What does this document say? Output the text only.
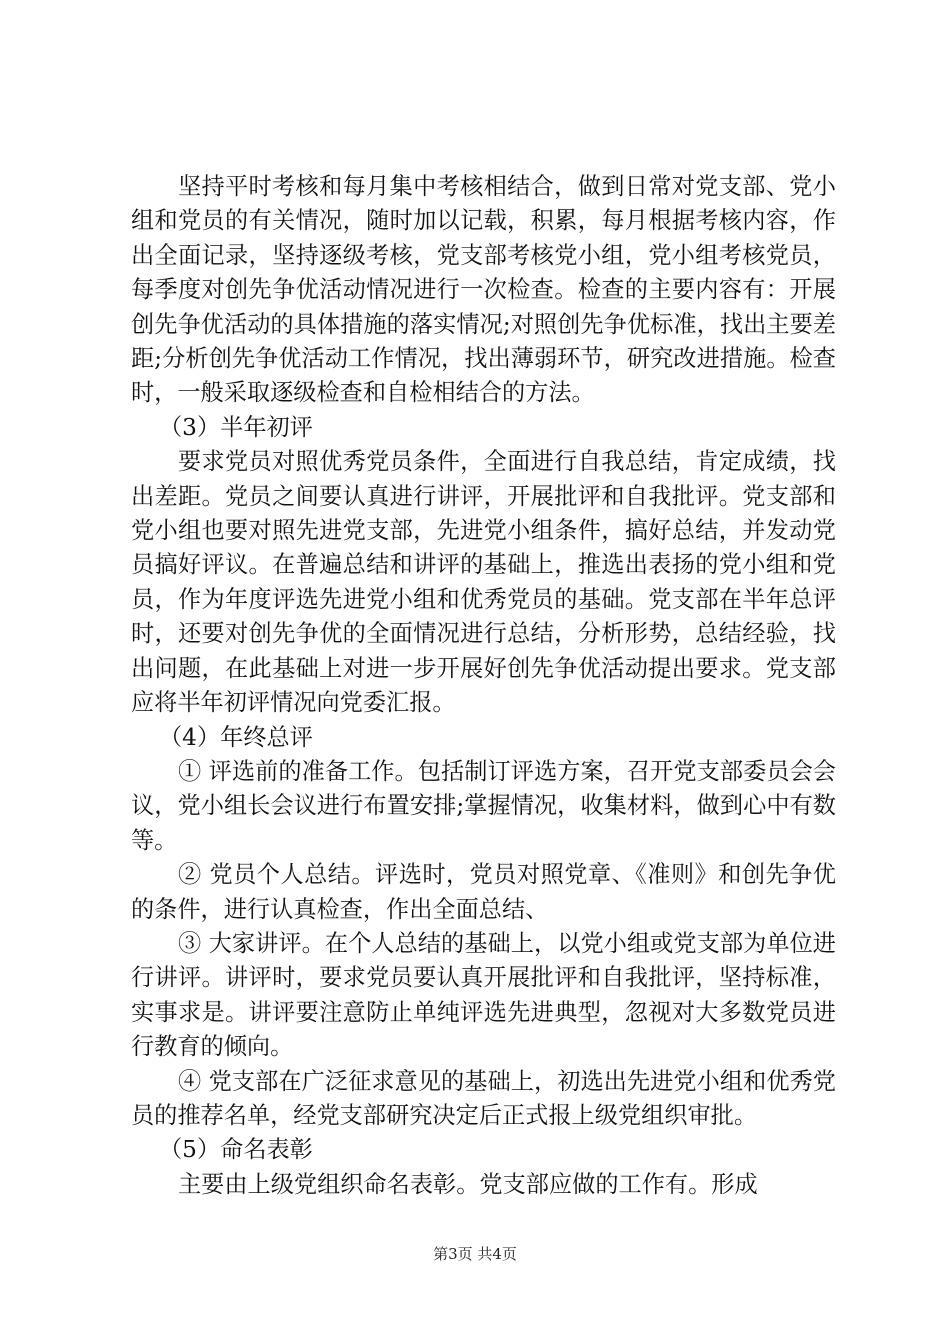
坚持平时考核和每月集中考核相结合，做到日常对党支部、党小组和党员的有关情况，随时加以记载，积累，每月根据考核内容，作出全面记录，坚持逐级考核，党支部考核党小组，党小组考核党员，每季度对创先争优活动情况进行一次检查。检查的主要内容有：开展创先争优活动的具体措施的落实情况;对照创先争优标准，找出主要差距;分析创先争优活动工作情况，找出薄弱环节，研究改进措施。检查时，一般采取逐级检查和自检相结合的方法。

（3）半年初评

要求党员对照优秀党员条件，全面进行自我总结，肯定成绩，找出差距。党员之间要认真进行讲评，开展批评和自我批评。党支部和党小组也要对照先进党支部，先进党小组条件，搞好总结，并发动党员搞好评议。在普遍总结和讲评的基础上，推选出表扬的党小组和党员，作为年度评选先进党小组和优秀党员的基础。党支部在半年总评时，还要对创先争优的全面情况进行总结，分析形势，总结经验，找出问题，在此基础上对进一步开展好创先争优活动提出要求。党支部应将半年初评情况向党委汇报。

（4）年终总评

① 评选前的准备工作。包括制订评选方案，召开党支部委员会会议，党小组长会议进行布置安排;掌握情况，收集材料，做到心中有数等。

② 党员个人总结。评选时，党员对照党章、《准则》和创先争优的条件，进行认真检查，作出全面总结、

③ 大家讲评。在个人总结的基础上，以党小组或党支部为单位进行讲评。讲评时，要求党员要认真开展批评和自我批评，坚持标准，实事求是。讲评要注意防止单纯评选先进典型，忽视对大多数党员进行教育的倾向。

④ 党支部在广泛征求意见的基础上，初选出先进党小组和优秀党员的推荐名单，经党支部研究决定后正式报上级党组织审批。

（5）命名表彰

主要由上级党组织命名表彰。党支部应做的工作有。形成

第3页 共4页
